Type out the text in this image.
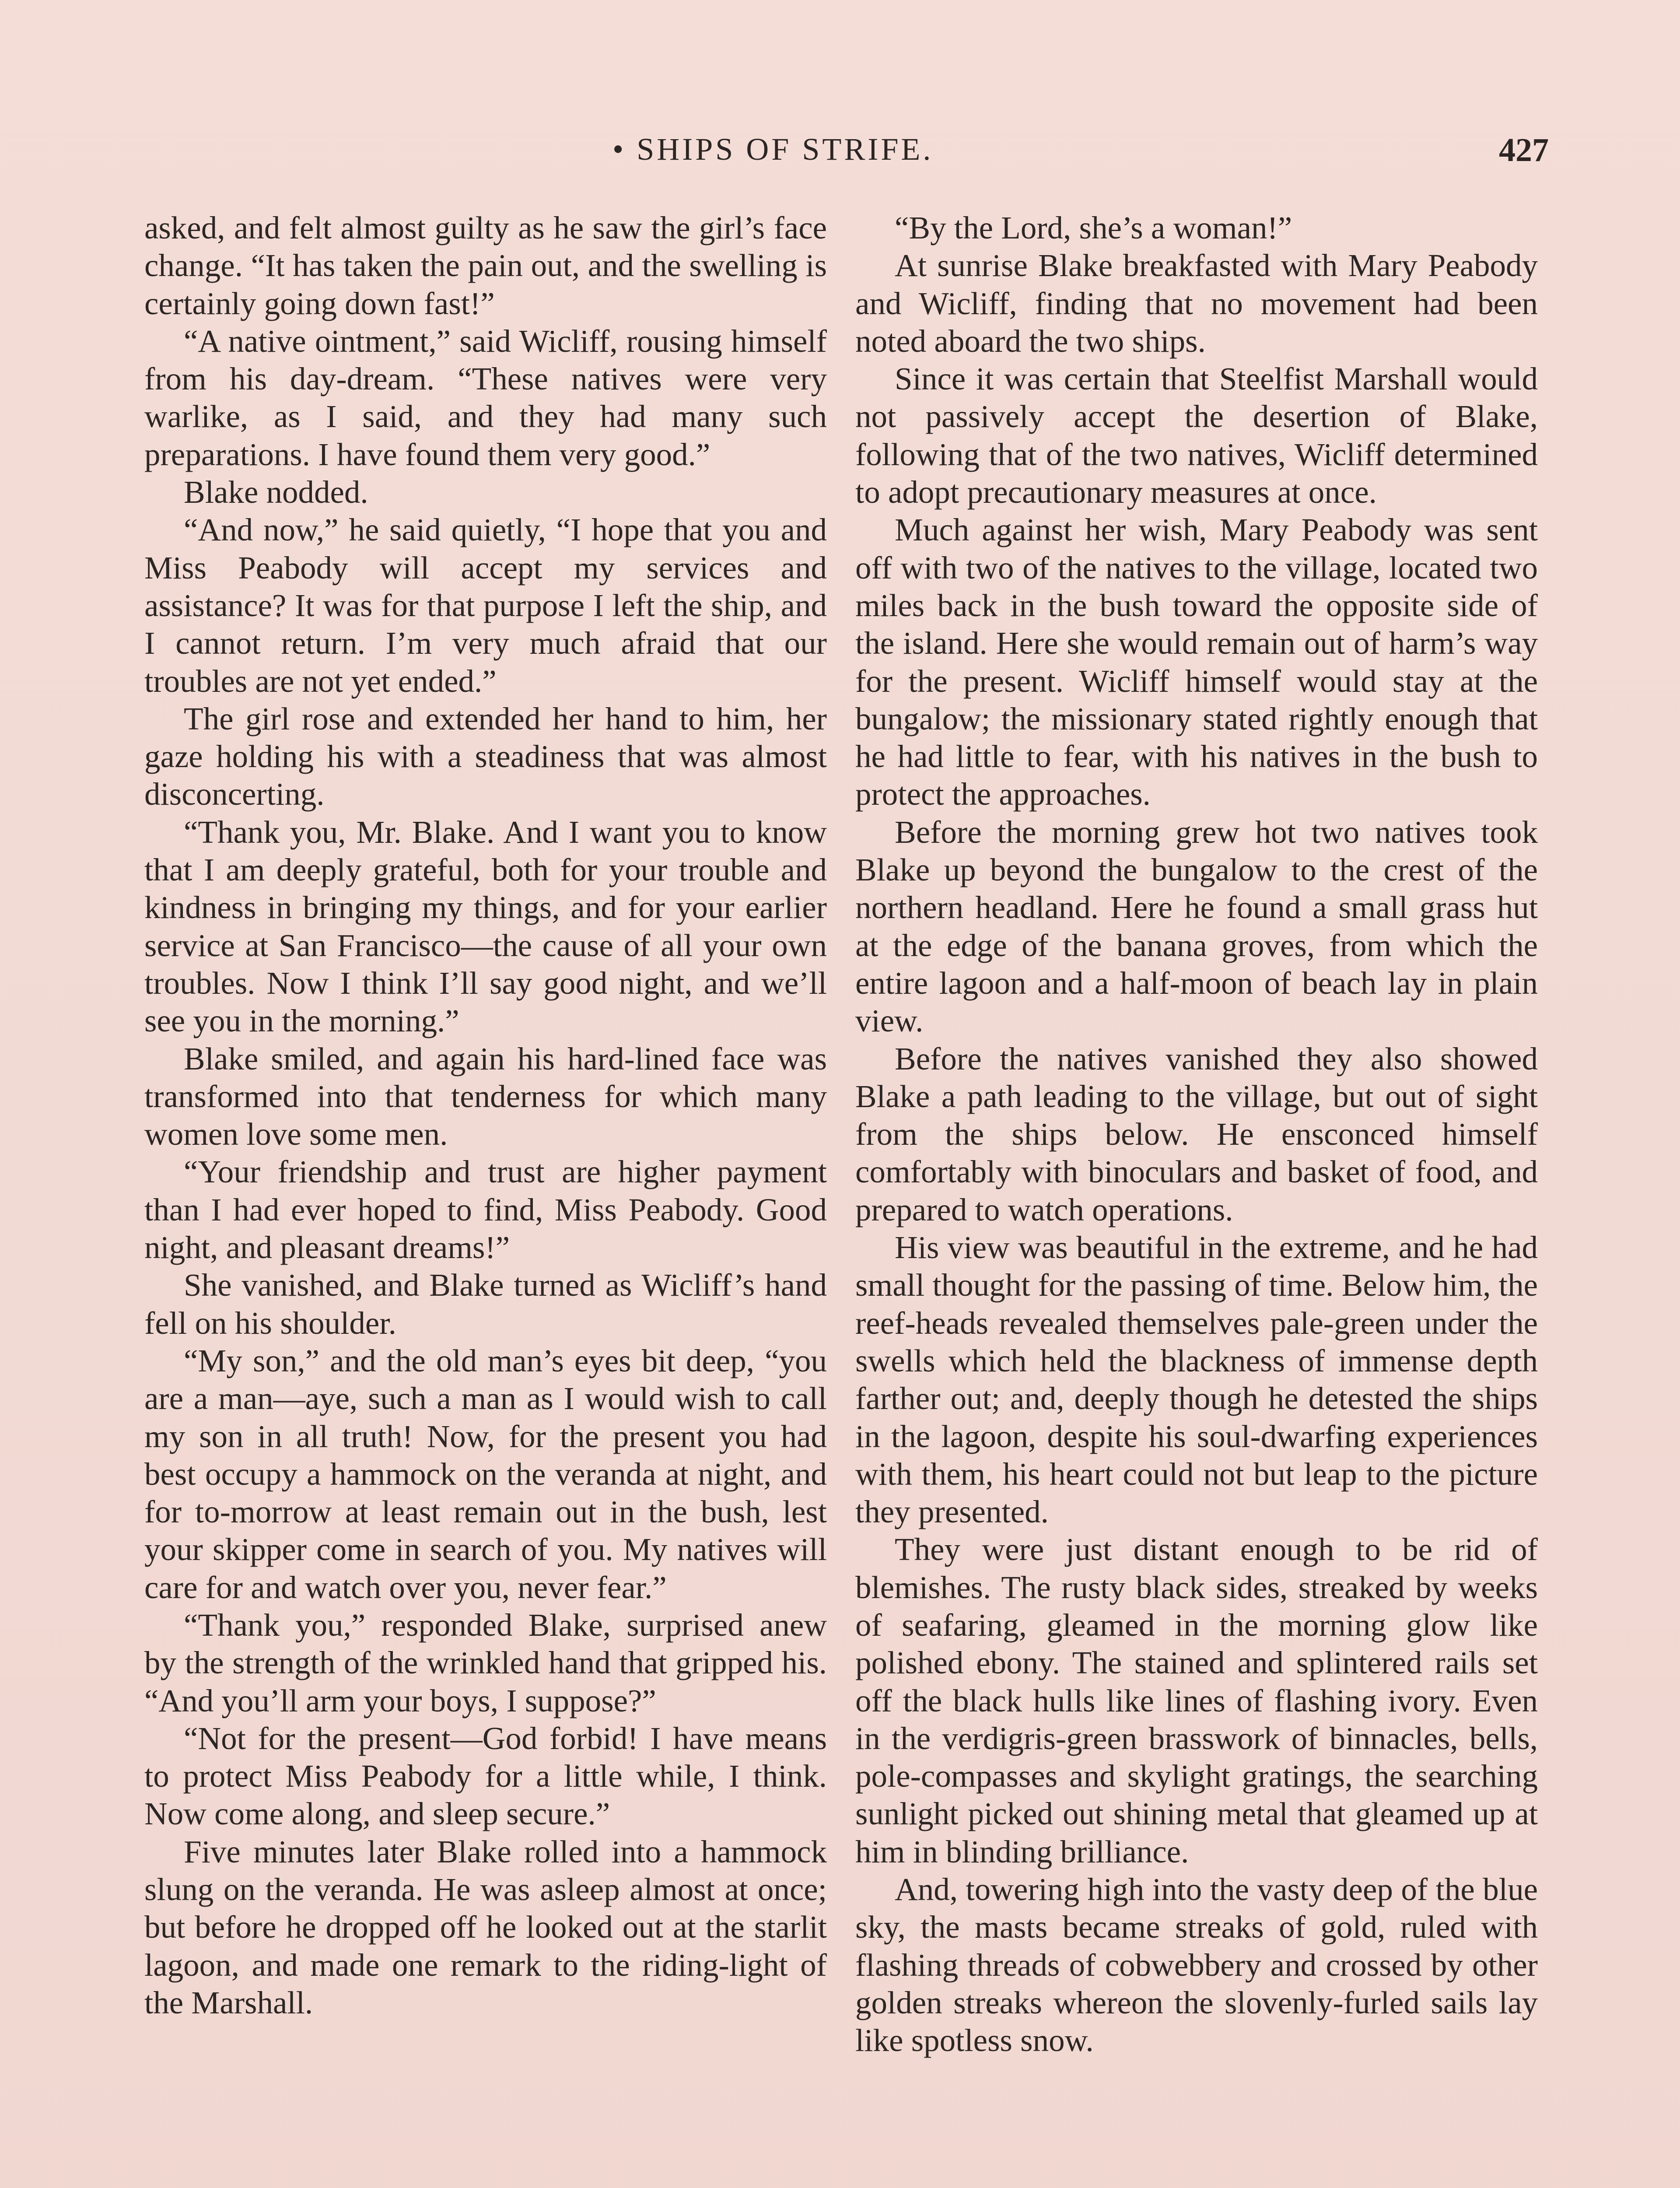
• SHIPS OF STRIFE.	427

asked, and felt almost guilty as he saw the girl’s face change. “It has taken the pain out, and the swelling is certainly going down fast!”

“A native ointment,” said Wicliff, rousing himself from his day-dream. “These natives were very warlike, as I said, and they had many such preparations. I have found them very good.”

Blake nodded.

“And now,” he said quietly, “I hope that you and Miss Peabody will accept my services and assistance? It was for that purpose I left the ship, and I cannot return. I’m very much afraid that our troubles are not yet ended.”

The girl rose and extended her hand to him, her gaze holding his with a steadiness that was almost disconcerting.

“Thank you, Mr. Blake. And I want you to know that I am deeply grateful, both for your trouble and kindness in bringing my things, and for your earlier service at San Francisco—the cause of all your own troubles. Now I think I’ll say good night, and we’ll see you in the morning.”

Blake smiled, and again his hard-lined face was transformed into that tenderness for which many women love some men.

“Your friendship and trust are higher payment than I had ever hoped to find, Miss Peabody. Good night, and pleasant dreams!”

She vanished, and Blake turned as Wicliff’s hand fell on his shoulder.

“My son,” and the old man’s eyes bit deep, “you are a man—aye, such a man as I would wish to call my son in all truth! Now, for the present you had best occupy a hammock on the veranda at night, and for to-morrow at least remain out in the bush, lest your skipper come in search of you. My natives will care for and watch over you, never fear.”

“Thank you,” responded Blake, surprised anew by the strength of the wrinkled hand that gripped his. “And you’ll arm your boys, I suppose?”

“Not for the present—God forbid! I have means to protect Miss Peabody for a little while, I think. Now come along, and sleep secure.”

Five minutes later Blake rolled into a hammock slung on the veranda. He was asleep almost at once; but before he dropped off he looked out at the starlit lagoon, and made one remark to the riding-light of the Marshall.

“By the Lord, she’s a woman!”

At sunrise Blake breakfasted with Mary Peabody and Wicliff, finding that no movement had been noted aboard the two ships.

Since it was certain that Steelfist Marshall would not passively accept the desertion of Blake, following that of the two natives, Wicliff determined to adopt precautionary measures at once.

Much against her wish, Mary Peabody was sent off with two of the natives to the village, located two miles back in the bush toward the opposite side of the island. Here she would remain out of harm’s way for the present. Wicliff himself would stay at the bungalow; the missionary stated rightly enough that he had little to fear, with his natives in the bush to protect the approaches.

Before the morning grew hot two natives took Blake up beyond the bungalow to the crest of the northern headland. Here he found a small grass hut at the edge of the banana groves, from which the entire lagoon and a half-moon of beach lay in plain view.

Before the natives vanished they also showed Blake a path leading to the village, but out of sight from the ships below. He ensconced himself comfortably with binoculars and basket of food, and prepared to watch operations.

His view was beautiful in the extreme, and he had small thought for the passing of time. Below him, the reef-heads revealed themselves pale-green under the swells which held the blackness of immense depth farther out; and, deeply though he detested the ships in the lagoon, despite his soul-dwarfing experiences with them, his heart could not but leap to the picture they presented.

They were just distant enough to be rid of blemishes. The rusty black sides, streaked by weeks of seafaring, gleamed in the morning glow like polished ebony. The stained and splintered rails set off the black hulls like lines of flashing ivory. Even in the verdigris-green brasswork of binnacles, bells, pole-compasses and skylight gratings, the searching sunlight picked out shining metal that gleamed up at him in blinding brilliance.

And, towering high into the vasty deep of the blue sky, the masts became streaks of gold, ruled with flashing threads of cobwebbery and crossed by other golden streaks whereon the slovenly-furled sails lay like spotless snow.
